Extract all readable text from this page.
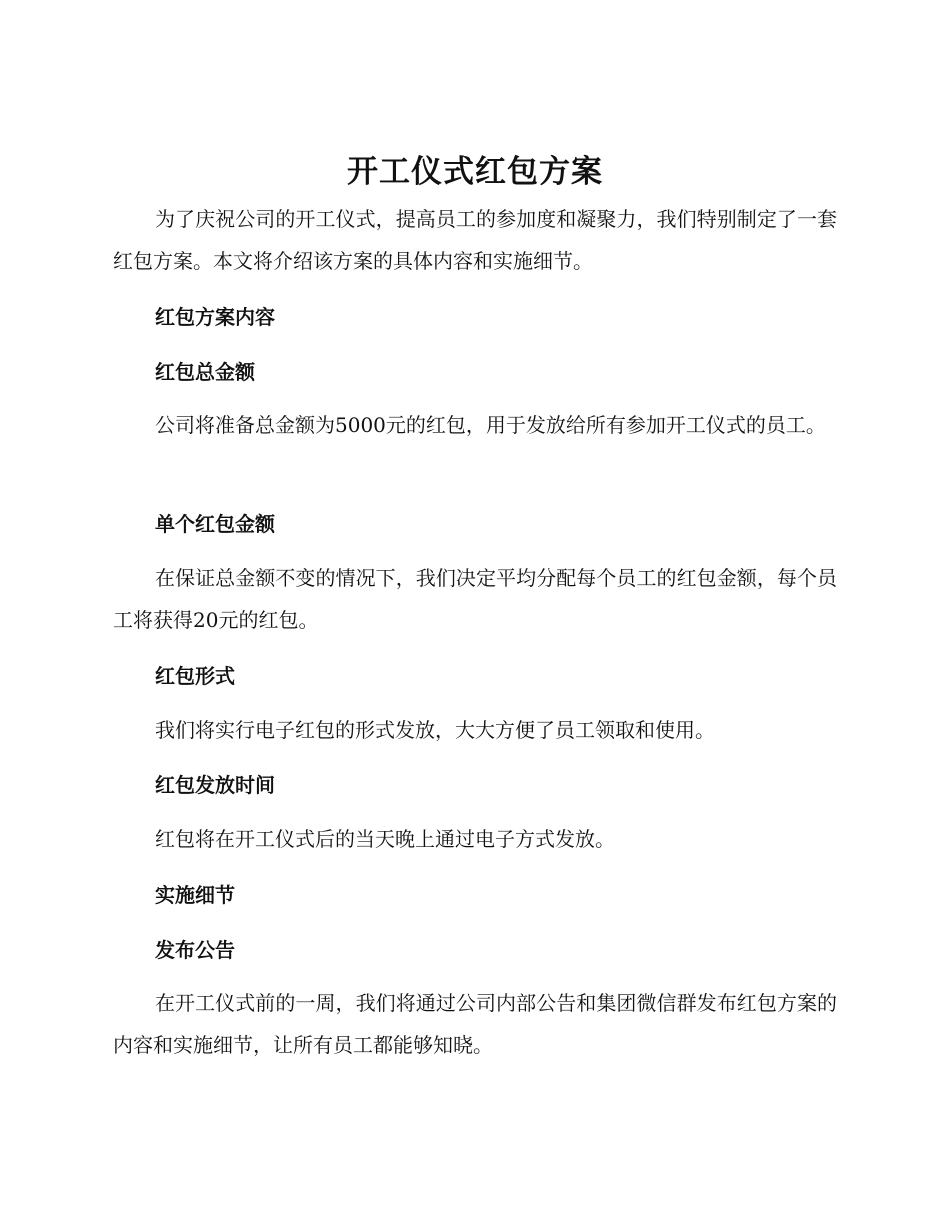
开工仪式红包方案

为了庆祝公司的开工仪式，提高员工的参加度和凝聚力，我们特别制定了一套红包方案。本文将介绍该方案的具体内容和实施细节。

红包方案内容
红包总金额

公司将准备总金额为5000元的红包，用于发放给所有参加开工仪式的员工。

单个红包金额

在保证总金额不变的情况下，我们决定平均分配每个员工的红包金额，每个员工将获得20元的红包。

红包形式

我们将实行电子红包的形式发放，大大方便了员工领取和使用。

红包发放时间

红包将在开工仪式后的当天晚上通过电子方式发放。

实施细节
发布公告

在开工仪式前的一周，我们将通过公司内部公告和集团微信群发布红包方案的内容和实施细节，让所有员工都能够知晓。
